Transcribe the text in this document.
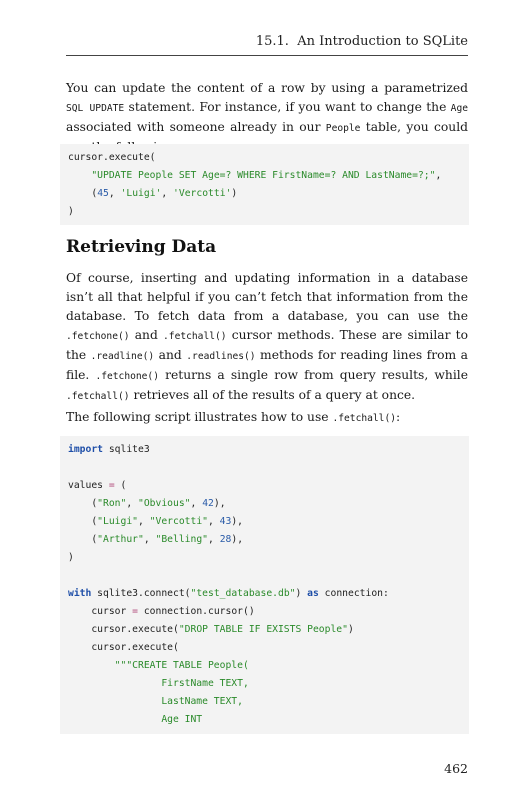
15.1. An Introduction to SQLite

You can update the content of a row by using a parametrized SQL UPDATE statement. For instance, if you want to change the Age associated with someone already in our People table, you could

cursor.execute(
"UPDATE People SET Age=? WHERE FirstName=? AND LastName=?;",
(45, 'Luigi', 'Vercotti')
)
Retrieving Data

Of course, inserting and updating information in a database isn’t all that helpful if you can’t fetch that information from the database. To fetch data from a database, you can use the .fetchone() and .fetchall() cursor methods. These are similar to the .readline() and .readlines() methods for reading lines from a file. .fetchone() returns a single row from query results, while .fetchall() retrieves all of the results of a query at once.

The following script illustrates how to use .fetchall():

import sqlite3
values = (
("Ron", "Obvious", 42),
("Luigi", "Vercotti", 43),
("Arthur", "Belling", 28),
)
with sqlite3.connect("test_database.db") as connection:
cursor = connection.cursor()
cursor.execute("DROP TABLE IF EXISTS People")
cursor.execute(
"""CREATE TABLE People(
FirstName TEXT,
LastName TEXT,
Age INT
462
